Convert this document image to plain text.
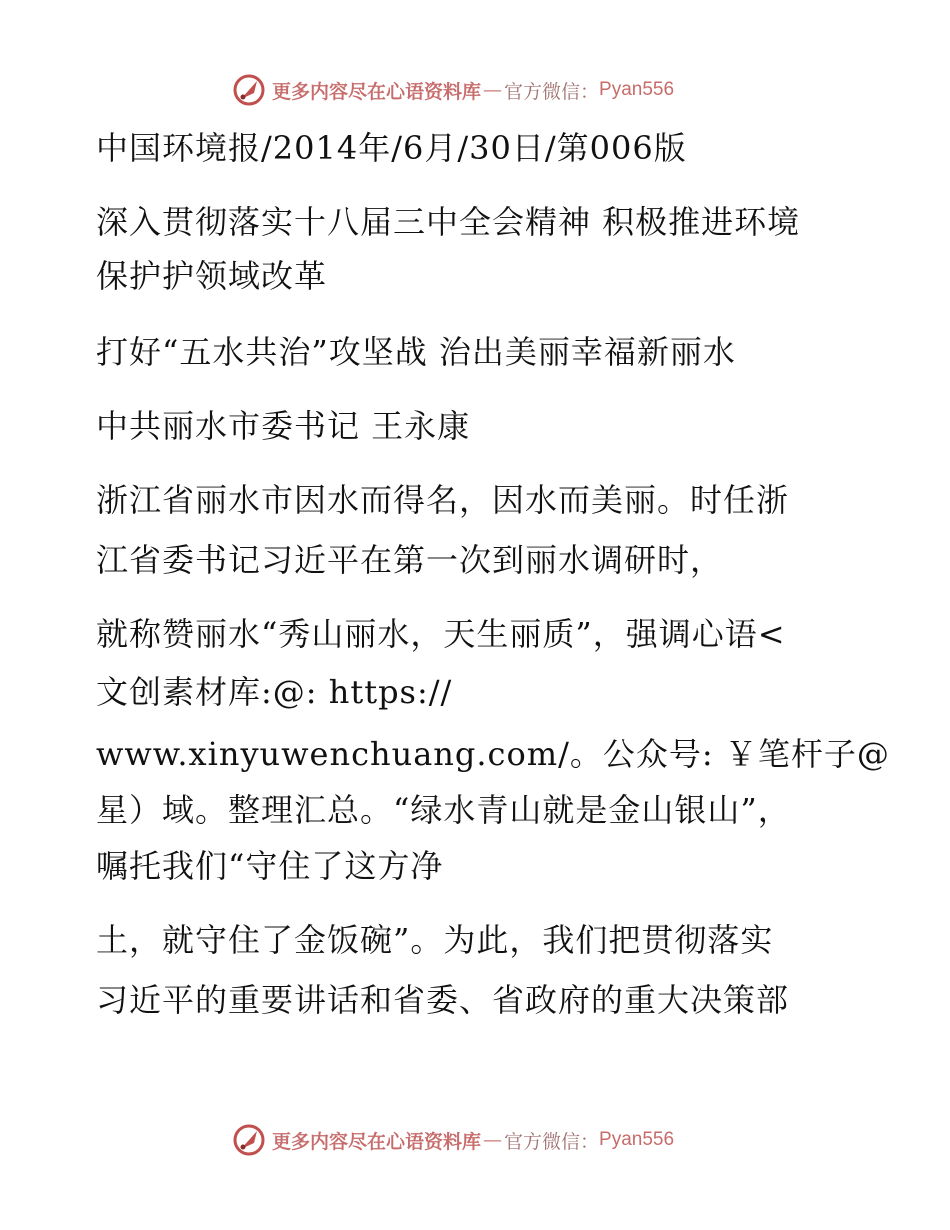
更多内容尽在心语资料库 — 官方微信： Pyan556
中国环境报/2014年/6月/30日/第006版
深入贯彻落实十八届三中全会精神 积极推进环境
保护护领域改革
打好“五水共治”攻坚战 治出美丽幸福新丽水
中共丽水市委书记 王永康
浙江省丽水市因水而得名，因水而美丽。时任浙
江省委书记习近平在第一次到丽水调研时，
就称赞丽水“秀山丽水，天生丽质”，强调心语<
文创素材库:@: https://
www.xinyuwenchuang.com/。公众号: ￥笔杆子@
星）域。整理汇总。“绿水青山就是金山银山”，
嘱托我们“守住了这方净
土，就守住了金饭碗”。为此，我们把贯彻落实
习近平的重要讲话和省委、省政府的重大决策部
更多内容尽在心语资料库 — 官方微信： Pyan556
